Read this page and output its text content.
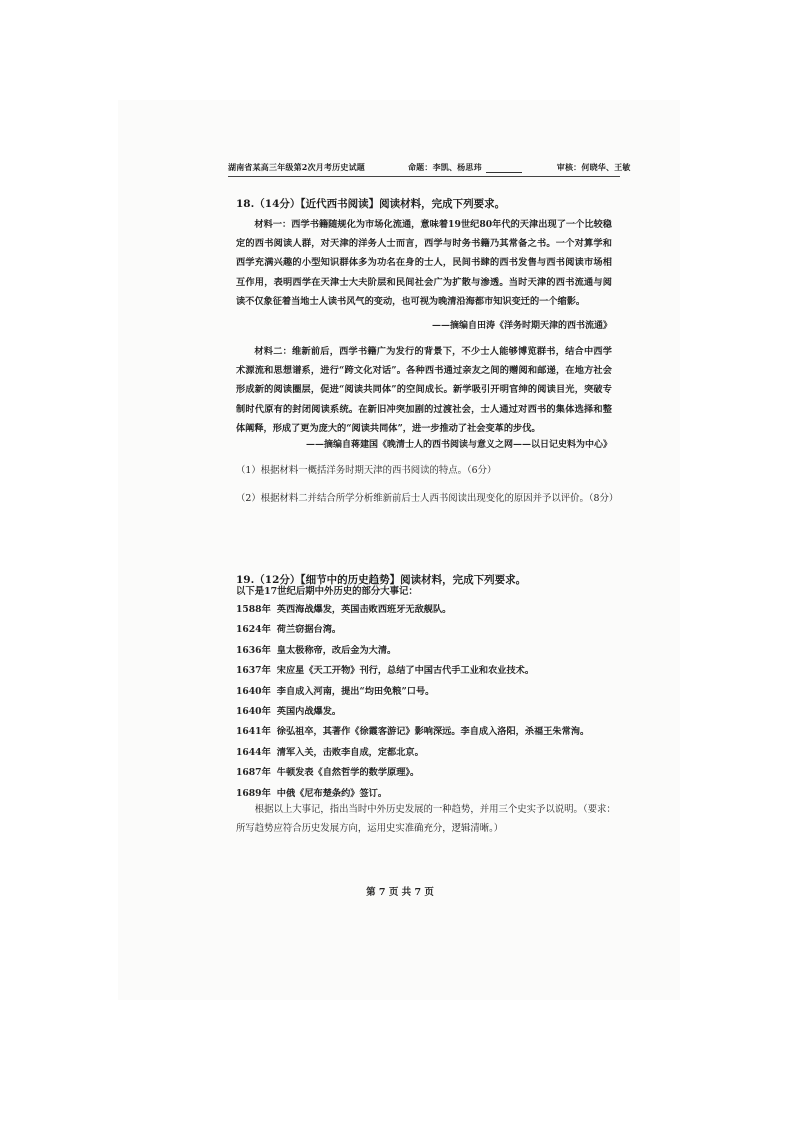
湖南省某高三年级第2次月考历史试题	命题：李凯、杨思玮	审核：何晓华、王敏
18.（14分）【近代西书阅读】阅读材料，完成下列要求。

材料一：西学书籍随规化为市场化流通，意味着19世纪80年代的天津出现了一个比较稳定的西书阅读人群，对天津的洋务人士而言，西学与时务书籍乃其常备之书。一个对算学和西学充满兴趣的小型知识群体多为功名在身的士人，民间书肆的西书发售与西书阅读市场相互作用，表明西学在天津士大夫阶层和民间社会广为扩散与渗透。当时天津的西书流通与阅读不仅象征着当地士人读书风气的变动，也可视为晚清沿海都市知识变迁的一个缩影。

——摘编自田涛《洋务时期天津的西书流通》

材料二：维新前后，西学书籍广为发行的背景下，不少士人能够博览群书，结合中西学术源流和思想谱系，进行“跨文化对话”。各种西书通过亲友之间的赠阅和邮递，在地方社会形成新的阅读圈层，促进“阅读共同体”的空间成长。新学吸引开明官绅的阅读目光，突破专制时代原有的封闭阅读系统。在新旧冲突加剧的过渡社会，士人通过对西书的集体选择和整体阐释，形成了更为庞大的“阅读共同体”，进一步推动了社会变革的步伐。

——摘编自蒋建国《晚清士人的西书阅读与意义之网——以日记史料为中心》

（1）根据材料一概括洋务时期天津的西书阅读的特点。（6分）

（2）根据材料二并结合所学分析维新前后士人西书阅读出现变化的原因并予以评价。（8分）

19.（12分）【细节中的历史趋势】阅读材料，完成下列要求。

以下是17世纪后期中外历史的部分大事记：

1588年 英西海战爆发，英国击败西班牙无敌舰队。
1624年 荷兰窃据台湾。
1636年 皇太极称帝，改后金为大清。
1637年 宋应星《天工开物》刊行，总结了中国古代手工业和农业技术。
1640年 李自成入河南，提出“均田免粮”口号。
1640年 英国内战爆发。
1641年 徐弘祖卒，其著作《徐霞客游记》影响深远。李自成入洛阳，杀福王朱常洵。
1644年 清军入关，击败李自成，定都北京。
1687年 牛顿发表《自然哲学的数学原理》。
1689年 中俄《尼布楚条约》签订。

根据以上大事记，指出当时中外历史发展的一种趋势，并用三个史实予以说明。（要求：所写趋势应符合历史发展方向，运用史实准确充分，逻辑清晰。）

第 7 页 共 7 页
